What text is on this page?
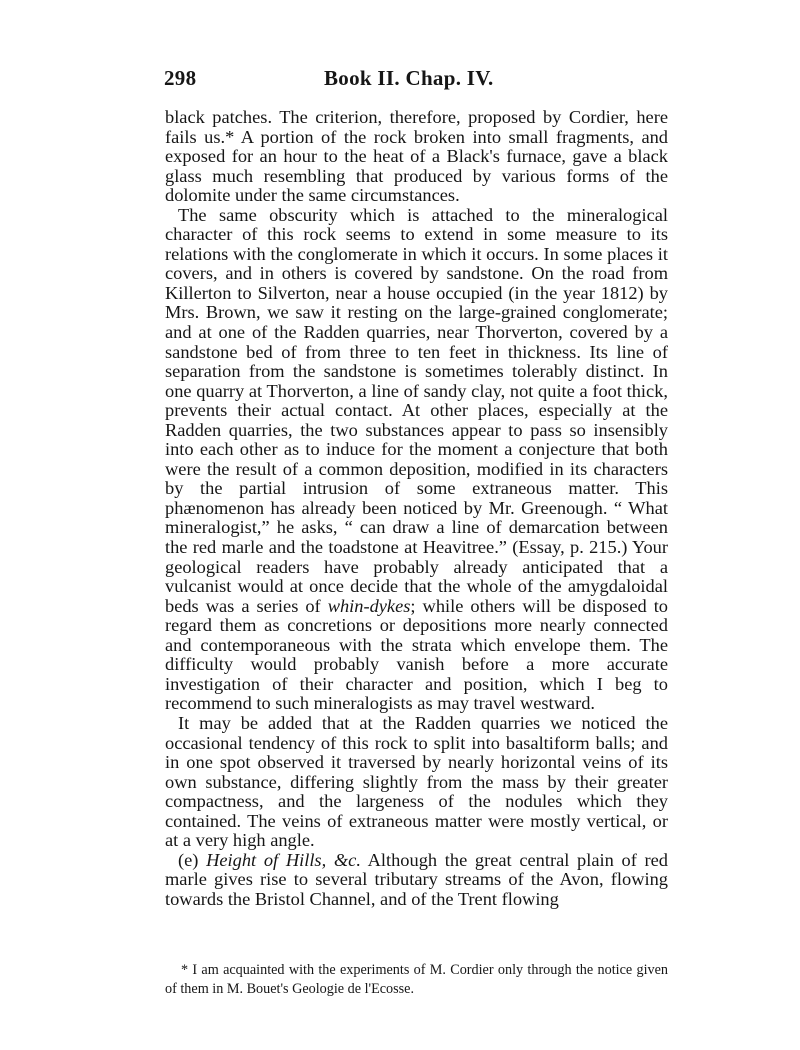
298	Book II. Chap. IV.

black patches. The criterion, therefore, proposed by Cordier, here fails us.* A portion of the rock broken into small fragments, and exposed for an hour to the heat of a Black's furnace, gave a black glass much resembling that produced by various forms of the dolomite under the same circumstances.

The same obscurity which is attached to the mineralogical character of this rock seems to extend in some measure to its relations with the conglomerate in which it occurs. In some places it covers, and in others is covered by sandstone. On the road from Killerton to Silverton, near a house occupied (in the year 1812) by Mrs. Brown, we saw it resting on the large-grained conglomerate; and at one of the Radden quarries, near Thorverton, covered by a sandstone bed of from three to ten feet in thickness. Its line of separation from the sandstone is sometimes tolerably distinct. In one quarry at Thorverton, a line of sandy clay, not quite a foot thick, prevents their actual contact. At other places, especially at the Radden quarries, the two substances appear to pass so insensibly into each other as to induce for the moment a conjecture that both were the result of a common deposition, modified in its characters by the partial intrusion of some extraneous matter. This phænomenon has already been noticed by Mr. Greenough. “ What mineralogist,” he asks, “ can draw a line of demarcation between the red marle and the toadstone at Heavitree.” (Essay, p. 215.) Your geological readers have probably already anticipated that a vulcanist would at once decide that the whole of the amygdaloidal beds was a series of whin-dykes; while others will be disposed to regard them as concretions or depositions more nearly connected and contemporaneous with the strata which envelope them. The difficulty would probably vanish before a more accurate investigation of their character and position, which I beg to recommend to such mineralogists as may travel westward.

It may be added that at the Radden quarries we noticed the occasional tendency of this rock to split into basaltiform balls; and in one spot observed it traversed by nearly horizontal veins of its own substance, differing slightly from the mass by their greater compactness, and the largeness of the nodules which they contained. The veins of extraneous matter were mostly vertical, or at a very high angle.

(e) Height of Hills, &c. Although the great central plain of red marle gives rise to several tributary streams of the Avon, flowing towards the Bristol Channel, and of the Trent flowing

* I am acquainted with the experiments of M. Cordier only through the notice given of them in M. Bouet's Geologie de l'Ecosse.
